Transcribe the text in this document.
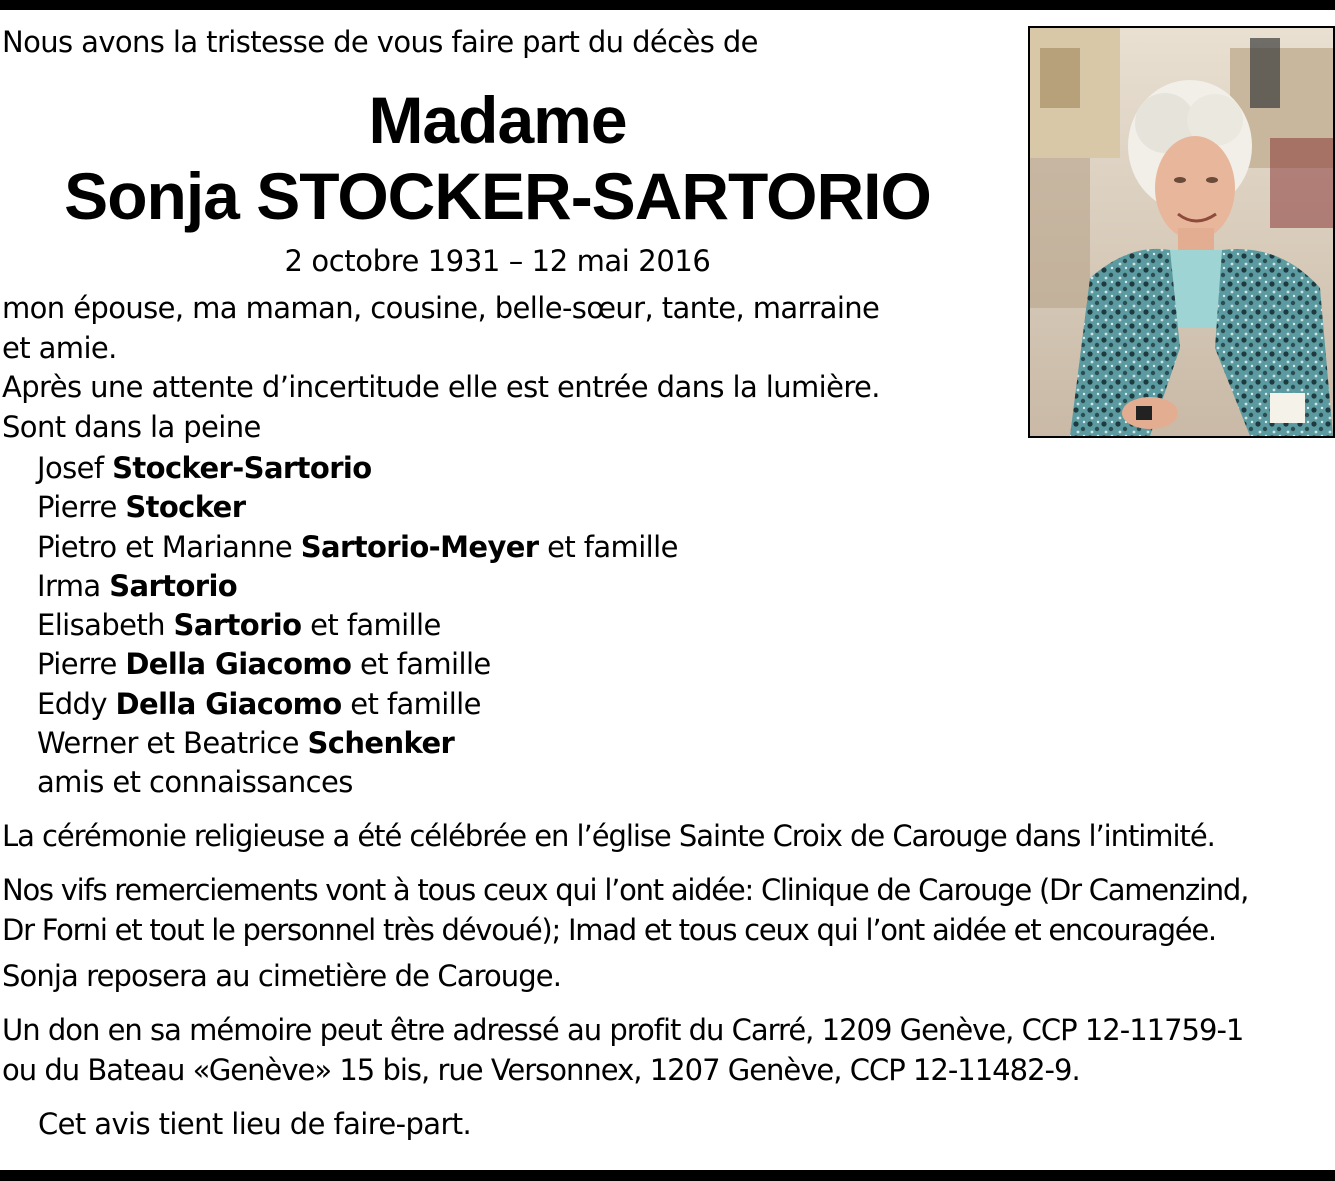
Nous avons la tristesse de vous faire part du décès de
Madame
Sonja STOCKER-SARTORIO
2 octobre 1931 – 12 mai 2016

mon épouse, ma maman, cousine, belle-sœur, tante, marraine

et amie.

Après une attente d’incertitude elle est entrée dans la lumière.

Sont dans la peine

Josef Stocker-Sartorio
Pierre Stocker
Pietro et Marianne Sartorio-Meyer et famille
Irma Sartorio
Elisabeth Sartorio et famille
Pierre Della Giacomo et famille
Eddy Della Giacomo et famille
Werner et Beatrice Schenker
amis et connaissances
La cérémonie religieuse a été célébrée en l’église Sainte Croix de Carouge dans l’intimité.
Nos vifs remerciements vont à tous ceux qui l’ont aidée: Clinique de Carouge (Dr Camenzind,
Dr Forni et tout le personnel très dévoué); Imad et tous ceux qui l’ont aidée et encouragée.
Sonja reposera au cimetière de Carouge.
Un don en sa mémoire peut être adressé au profit du Carré, 1209 Genève, CCP 12-11759-1
ou du Bateau «Genève» 15 bis, rue Versonnex, 1207 Genève, CCP 12-11482-9.
Cet avis tient lieu de faire-part.
